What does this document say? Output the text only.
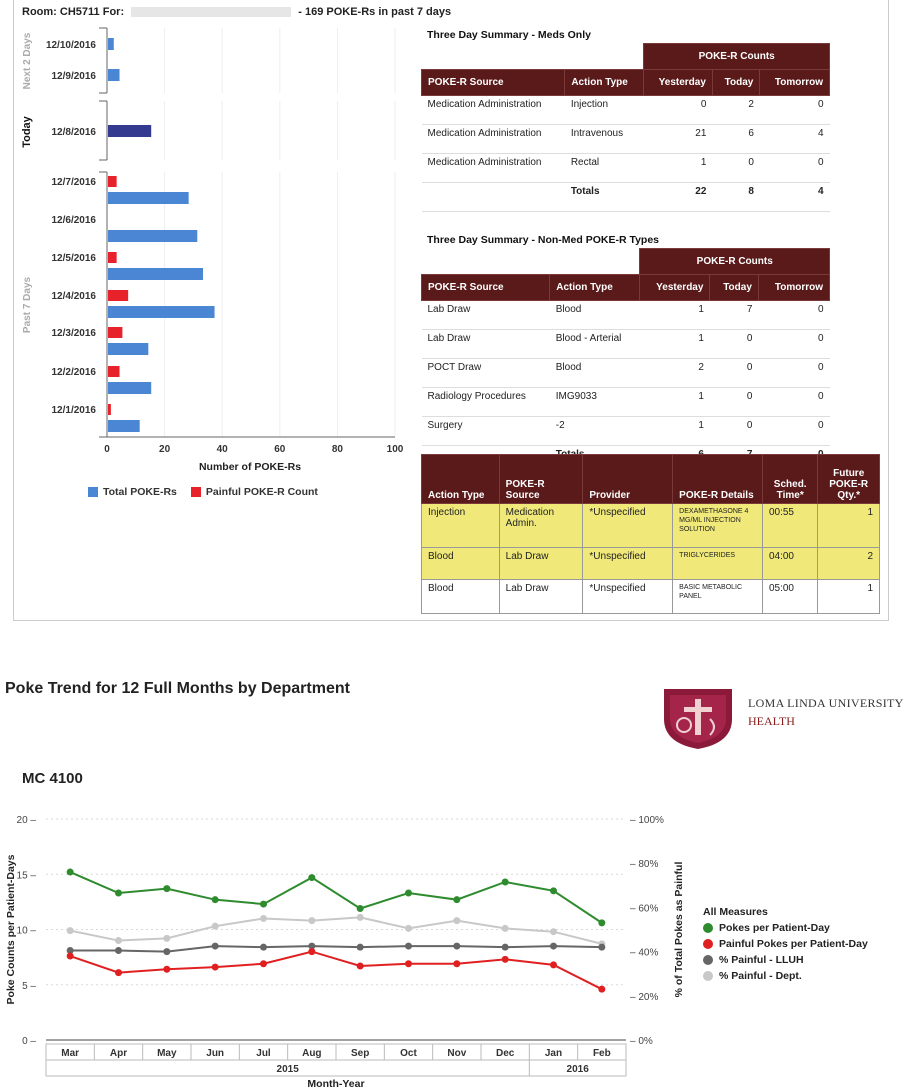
Room: CH5711 For:	- 169 POKE-Rs in past 7 days
0	20	40	60	80	100
Next 2 Days
Today
Past 7 Days
12/10/2016
12/9/2016
12/8/2016
12/7/2016
12/6/2016
12/5/2016
12/4/2016
12/3/2016
12/2/2016
12/1/2016
Number of POKE-Rs
Total POKE-Rs	Painful POKE-R Count
Three Day Summary - Meds Only
		POKE-R Counts		
POKE-R Source	Action Type	Yesterday	Today	Tomorrow
Medication Administration	Injection	0	2	0
Medication Administration	Intravenous	21	6	4
Medication Administration	Rectal	1	0	0
	Totals	22	8	4
Three Day Summary - Non-Med POKE-R Types
		POKE-R Counts		
POKE-R Source	Action Type	Yesterday	Today	Tomorrow
Lab Draw	Blood	1	7	0
Lab Draw	Blood - Arterial	1	0	0
POCT Draw	Blood	2	0	0
Radiology Procedures	IMG9033	1	0	0
Surgery	-2	1	0	0

Action Type	POKE-R Source	Provider	POKE-R Details	Sched. Time*	Future POKE-R Qty.*
Injection	Medication Admin.	*Unspecified	DEXAMETHASONE 4 MG/ML INJECTION SOLUTION	00:55	1
Blood	Lab Draw	*Unspecified	TRIGLYCERIDES	04:00	2
Blood	Lab Draw	*Unspecified	BASIC METABOLIC PANEL	05:00	1
Poke Trend for 12 Full Months by Department
LOMA LINDA UNIVERSITY
HEALTH
MC 4100
0 –
5 –
10 –
15 –
20 –
– 0%
– 20%
– 40%
– 60%
– 80%
– 100%
Mar	Apr	May	Jun	Jul	Aug	Sep	Oct	Nov	Dec	Jan	Feb
2015	2016
Month-Year
Poke Counts per Patient-Days	% of Total Pokes as Painful All Measures
Pokes per Patient-Day
Painful Pokes per Patient-Day
% Painful - LLUH
% Painful - Dept.
